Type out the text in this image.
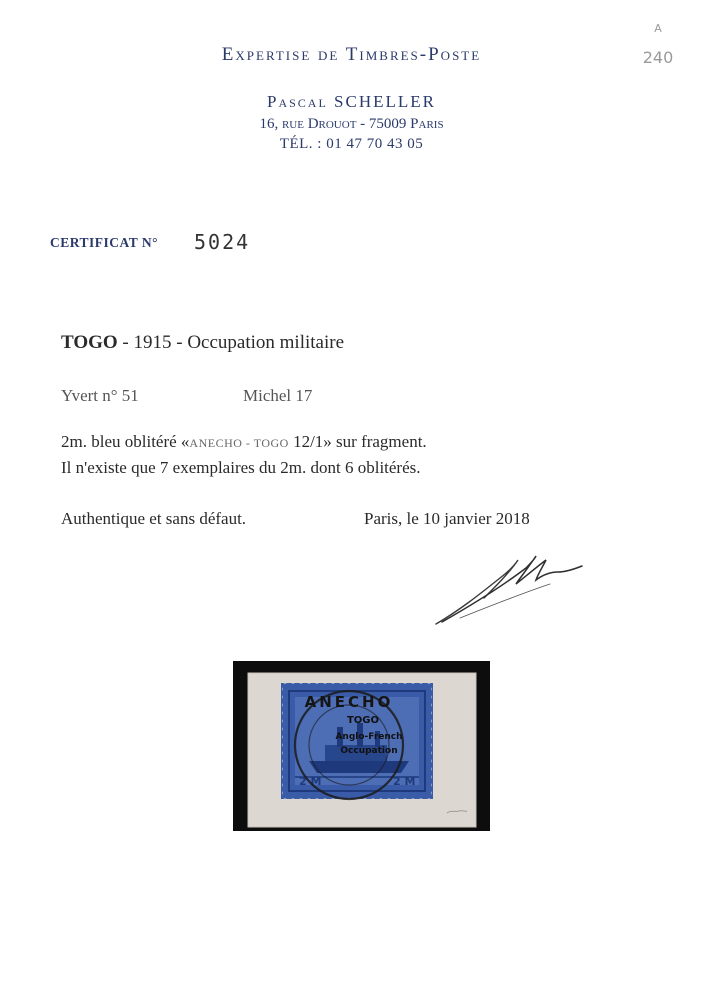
Expertise de Timbres-Poste
Pascal SCHELLER
16, rue Drouot - 75009 Paris
TÉL. : 01 47 70 43 05
A
240
CERTIFICAT N° 5024
TOGO - 1915 - Occupation militaire
Yvert n° 51	Michel 17
2m. bleu oblitéré «ANECHO - TOGO 12/1» sur fragment.
Il n'existe que 7 exemplaires du 2m. dont 6 oblitérés.
Authentique et sans défaut.	Paris, le 10 janvier 2018
2 M	2 M
TOGO
Anglo-French
Occupation
ANECHO
